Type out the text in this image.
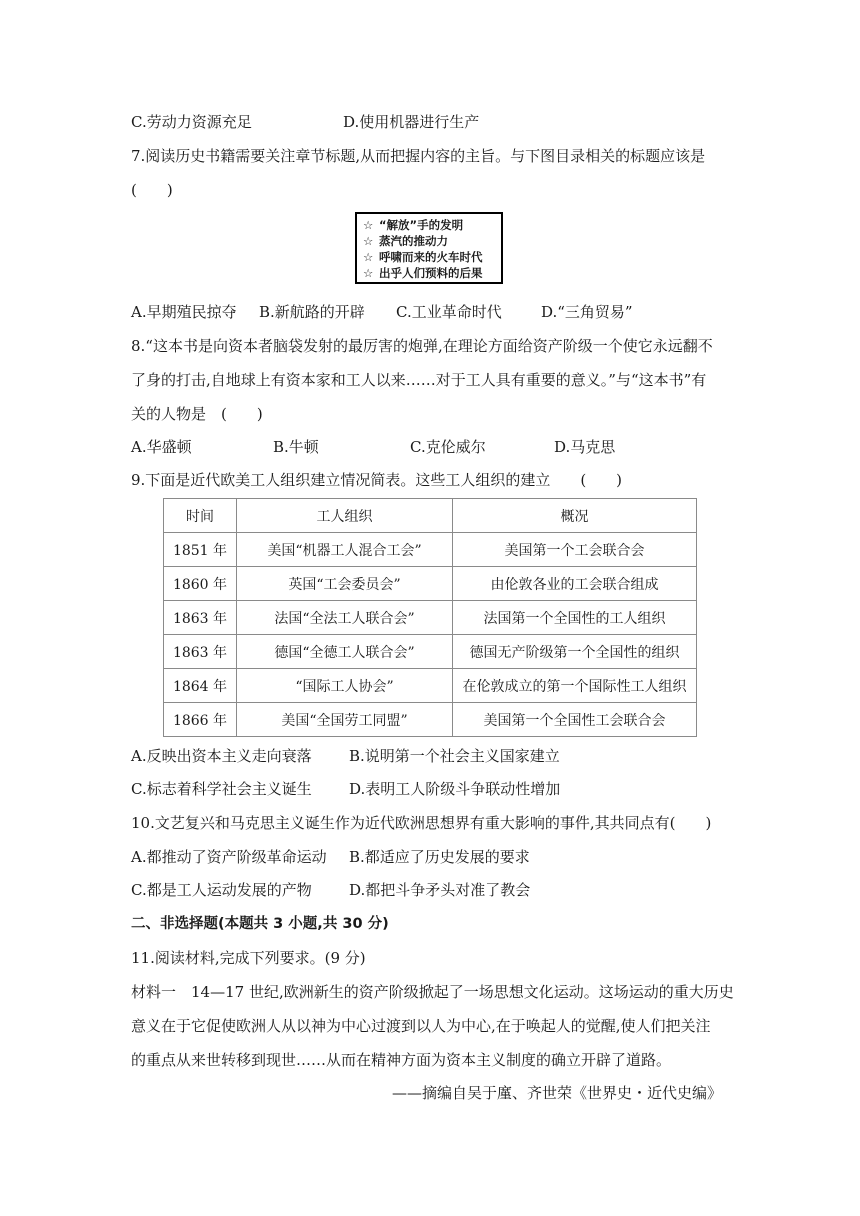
C.劳动力资源充足	D.使用机器进行生产
7.阅读历史书籍需要关注章节标题,从而把握内容的主旨。与下图目录相关的标题应该是
(　　)
☆ “解放”手的发明
☆ 蒸汽的推动力
☆ 呼啸而来的火车时代
☆ 出乎人们预料的后果
A.早期殖民掠夺 B.新航路的开辟 C.工业革命时代	D.“三角贸易”
8.“这本书是向资本者脑袋发射的最厉害的炮弹,在理论方面给资产阶级一个使它永远翻不
了身的打击,自地球上有资本家和工人以来……对于工人具有重要的意义。”与“这本书”有
关的人物是　(　　)
A.华盛顿	B.牛顿	C.克伦威尔	D.马克思
9.下面是近代欧美工人组织建立情况简表。这些工人组织的建立　　(　　)
时间	工人组织	概况
1851 年	美国“机器工人混合工会”	美国第一个工会联合会
1860 年	英国“工会委员会”	由伦敦各业的工会联合组成
1863 年	法国“全法工人联合会”	法国第一个全国性的工人组织
1863 年	德国“全德工人联合会”	德国无产阶级第一个全国性的组织
1864 年	“国际工人协会”	在伦敦成立的第一个国际性工人组织
1866 年	美国“全国劳工同盟”	美国第一个全国性工会联合会
A.反映出资本主义走向衰落 B.说明第一个社会主义国家建立
C.标志着科学社会主义诞生 D.表明工人阶级斗争联动性增加
10.文艺复兴和马克思主义诞生作为近代欧洲思想界有重大影响的事件,其共同点有(　　)
A.都推动了资产阶级革命运动 B.都适应了历史发展的要求
C.都是工人运动发展的产物 D.都把斗争矛头对准了教会
二、非选择题(本题共 3 小题,共 30 分)
11.阅读材料,完成下列要求。(9 分)
材料一　14—17 世纪,欧洲新生的资产阶级掀起了一场思想文化运动。这场运动的重大历史
意义在于它促使欧洲人从以神为中心过渡到以人为中心,在于唤起人的觉醒,使人们把关注
的重点从来世转移到现世……从而在精神方面为资本主义制度的确立开辟了道路。
——摘编自吴于廑、齐世荣《世界史・近代史编》
